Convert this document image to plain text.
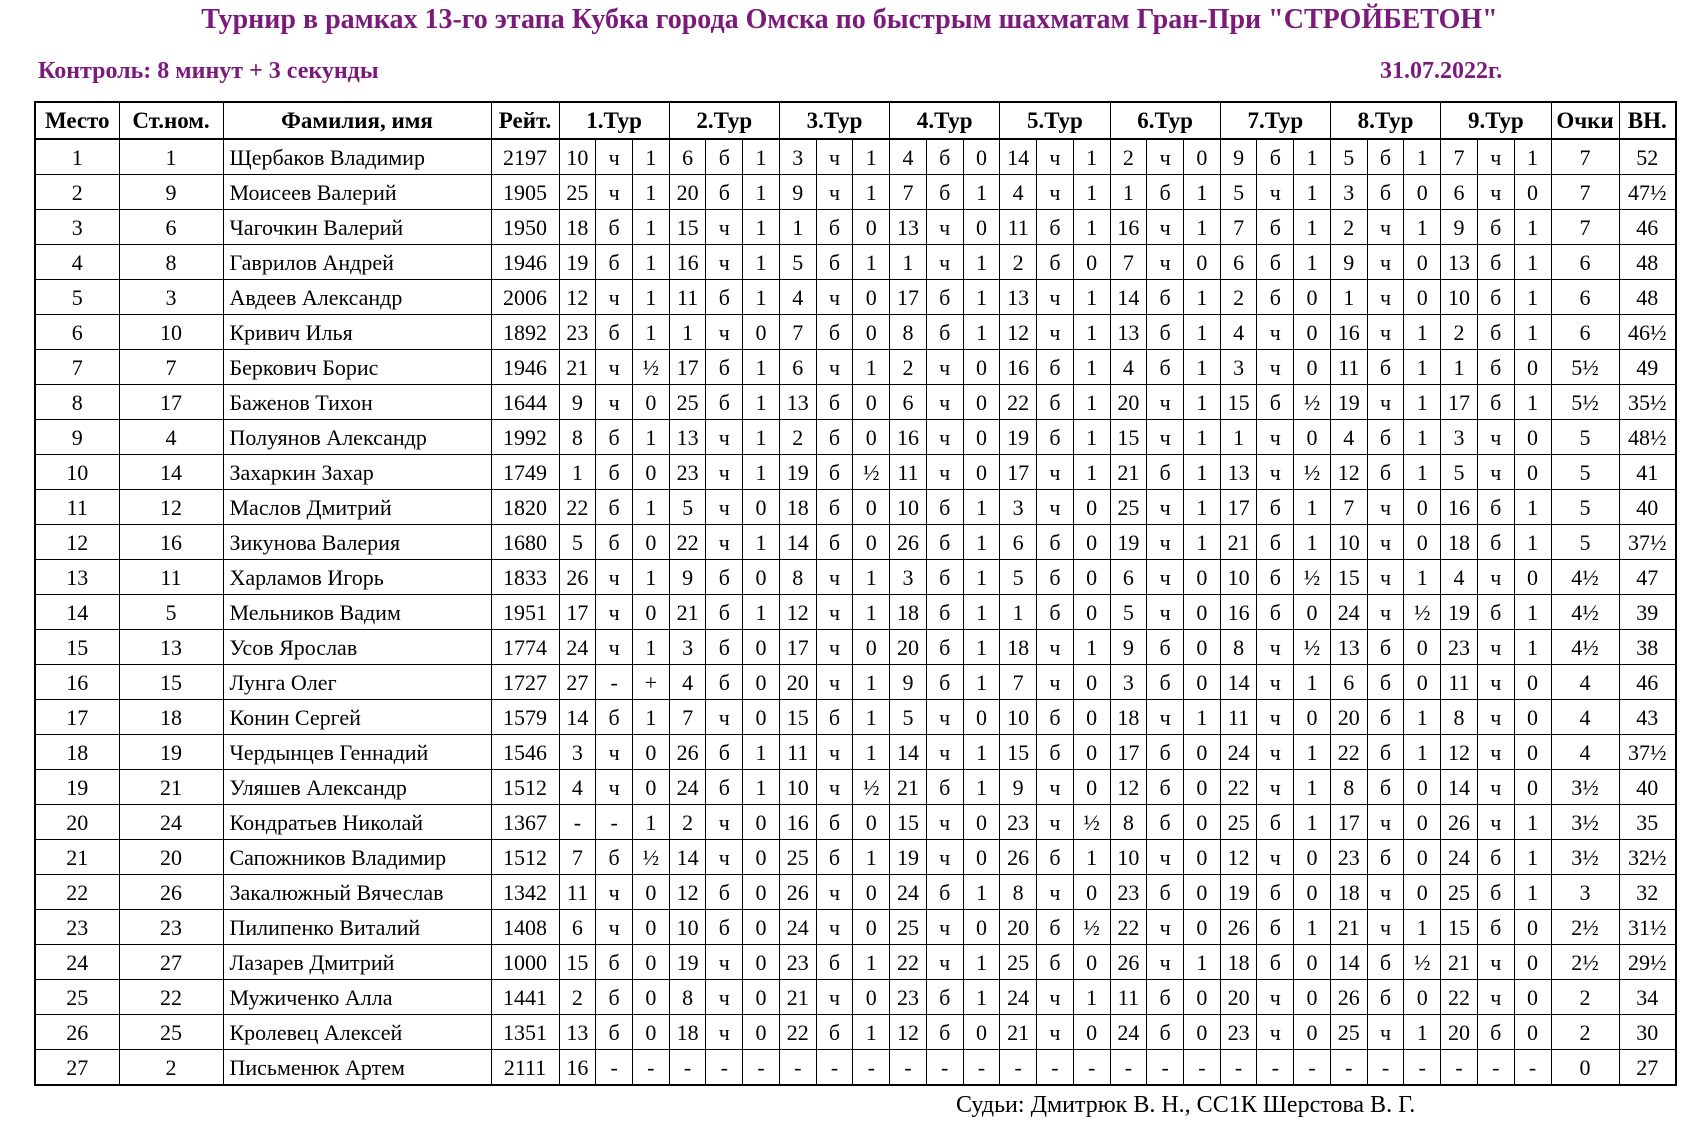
Турнир в рамках 13-го этапа Кубка города Омска по быстрым шахматам Гран-При "СТРОЙБЕТОН"
Контроль: 8 минут + 3 секунды	31.07.2022г.
Место	Ст.ном.	Фамилия, имя	Рейт.	1.Тур			2.Тур			3.Тур			4.Тур			5.Тур			6.Тур			7.Тур			8.Тур			9.Тур			Очки	ВН.
1	1	Щербаков Владимир	2197	10	ч	1	6	б	1	3	ч	1	4	б	0	14	ч	1	2	ч	0	9	б	1	5	б	1	7	ч	1	7	52
2	9	Моисеев Валерий	1905	25	ч	1	20	б	1	9	ч	1	7	б	1	4	ч	1	1	б	1	5	ч	1	3	б	0	6	ч	0	7	47½
3	6	Чагочкин Валерий	1950	18	б	1	15	ч	1	1	б	0	13	ч	0	11	б	1	16	ч	1	7	б	1	2	ч	1	9	б	1	7	46
4	8	Гаврилов Андрей	1946	19	б	1	16	ч	1	5	б	1	1	ч	1	2	б	0	7	ч	0	6	б	1	9	ч	0	13	б	1	6	48
5	3	Авдеев Александр	2006	12	ч	1	11	б	1	4	ч	0	17	б	1	13	ч	1	14	б	1	2	б	0	1	ч	0	10	б	1	6	48
6	10	Кривич Илья	1892	23	б	1	1	ч	0	7	б	0	8	б	1	12	ч	1	13	б	1	4	ч	0	16	ч	1	2	б	1	6	46½
7	7	Беркович Борис	1946	21	ч	½	17	б	1	6	ч	1	2	ч	0	16	б	1	4	б	1	3	ч	0	11	б	1	1	б	0	5½	49
8	17	Баженов Тихон	1644	9	ч	0	25	б	1	13	б	0	6	ч	0	22	б	1	20	ч	1	15	б	½	19	ч	1	17	б	1	5½	35½
9	4	Полуянов Александр	1992	8	б	1	13	ч	1	2	б	0	16	ч	0	19	б	1	15	ч	1	1	ч	0	4	б	1	3	ч	0	5	48½
10	14	Захаркин Захар	1749	1	б	0	23	ч	1	19	б	½	11	ч	0	17	ч	1	21	б	1	13	ч	½	12	б	1	5	ч	0	5	41
11	12	Маслов Дмитрий	1820	22	б	1	5	ч	0	18	б	0	10	б	1	3	ч	0	25	ч	1	17	б	1	7	ч	0	16	б	1	5	40
12	16	Зикунова Валерия	1680	5	б	0	22	ч	1	14	б	0	26	б	1	6	б	0	19	ч	1	21	б	1	10	ч	0	18	б	1	5	37½
13	11	Харламов Игорь	1833	26	ч	1	9	б	0	8	ч	1	3	б	1	5	б	0	6	ч	0	10	б	½	15	ч	1	4	ч	0	4½	47
14	5	Мельников Вадим	1951	17	ч	0	21	б	1	12	ч	1	18	б	1	1	б	0	5	ч	0	16	б	0	24	ч	½	19	б	1	4½	39
15	13	Усов Ярослав	1774	24	ч	1	3	б	0	17	ч	0	20	б	1	18	ч	1	9	б	0	8	ч	½	13	б	0	23	ч	1	4½	38
16	15	Лунга Олег	1727	27	-	+	4	б	0	20	ч	1	9	б	1	7	ч	0	3	б	0	14	ч	1	6	б	0	11	ч	0	4	46
17	18	Конин Сергей	1579	14	б	1	7	ч	0	15	б	1	5	ч	0	10	б	0	18	ч	1	11	ч	0	20	б	1	8	ч	0	4	43
18	19	Чердынцев Геннадий	1546	3	ч	0	26	б	1	11	ч	1	14	ч	1	15	б	0	17	б	0	24	ч	1	22	б	1	12	ч	0	4	37½
19	21	Уляшев Александр	1512	4	ч	0	24	б	1	10	ч	½	21	б	1	9	ч	0	12	б	0	22	ч	1	8	б	0	14	ч	0	3½	40
20	24	Кондратьев Николай	1367	-	-	1	2	ч	0	16	б	0	15	ч	0	23	ч	½	8	б	0	25	б	1	17	ч	0	26	ч	1	3½	35
21	20	Сапожников Владимир	1512	7	б	½	14	ч	0	25	б	1	19	ч	0	26	б	1	10	ч	0	12	ч	0	23	б	0	24	б	1	3½	32½
22	26	Закалюжный Вячеслав	1342	11	ч	0	12	б	0	26	ч	0	24	б	1	8	ч	0	23	б	0	19	б	0	18	ч	0	25	б	1	3	32
23	23	Пилипенко Виталий	1408	6	ч	0	10	б	0	24	ч	0	25	ч	0	20	б	½	22	ч	0	26	б	1	21	ч	1	15	б	0	2½	31½
24	27	Лазарев Дмитрий	1000	15	б	0	19	ч	0	23	б	1	22	ч	1	25	б	0	26	ч	1	18	б	0	14	б	½	21	ч	0	2½	29½
25	22	Мужиченко Алла	1441	2	б	0	8	ч	0	21	ч	0	23	б	1	24	ч	1	11	б	0	20	ч	0	26	б	0	22	ч	0	2	34
26	25	Кролевец Алексей	1351	13	б	0	18	ч	0	22	б	1	12	б	0	21	ч	0	24	б	0	23	ч	0	25	ч	1	20	б	0	2	30
27	2	Письменюк Артем	2111	16	-	-	-	-	-	-	-	-	-	-	-	-	-	-	-	-	-	-	-	-	-	-	-	-	-	-	0	27
Судьи: Дмитрюк В. Н., СС1К Шерстова В. Г.
